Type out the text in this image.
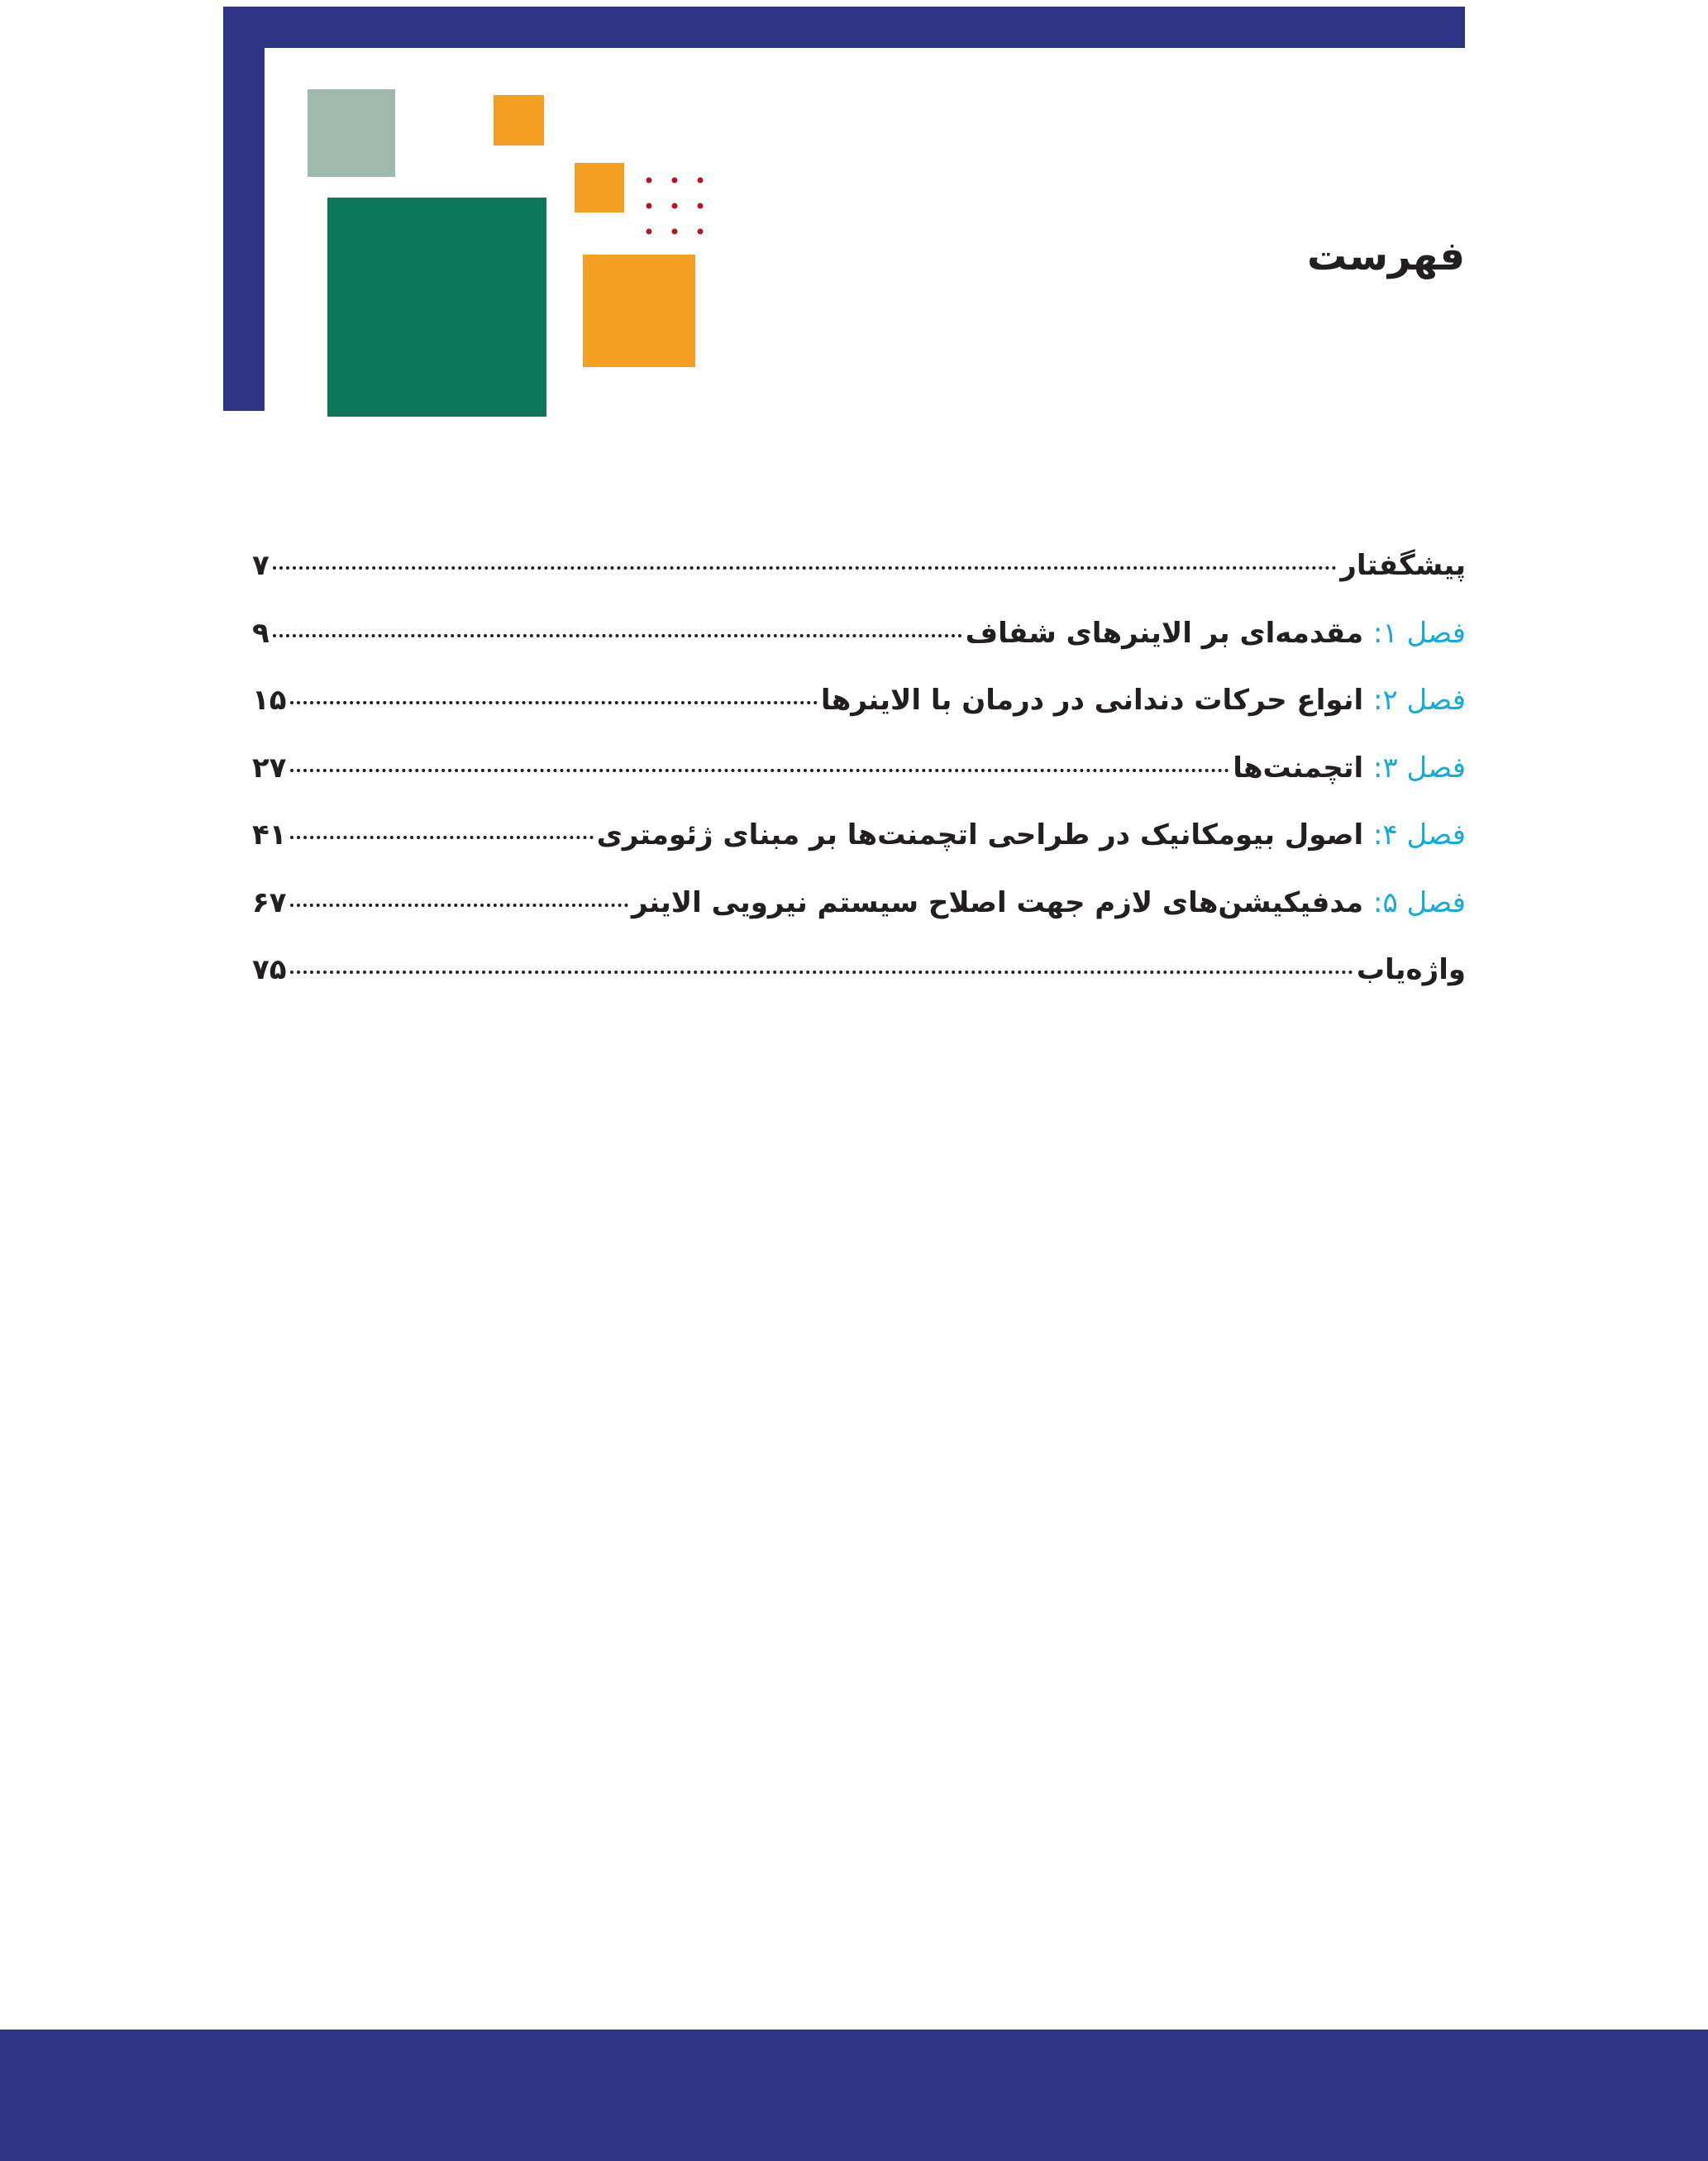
فهرست
پیشگفتار
۷
فصل ۱: مقدمه‌ای بر الاینرهای شفاف
۹
فصل ۲: انواع حرکات دندانی در درمان با الاینرها
۱۵
فصل ۳: اتچمنت‌ها
۲۷
فصل ۴: اصول بیومکانیک در طراحی اتچمنت‌ها بر مبنای ژئومتری
۴۱
فصل ۵: مدفیکیشن‌های لازم جهت اصلاح سیستم نیرویی الاینر
۶۷
واژه‌یاب
۷۵
